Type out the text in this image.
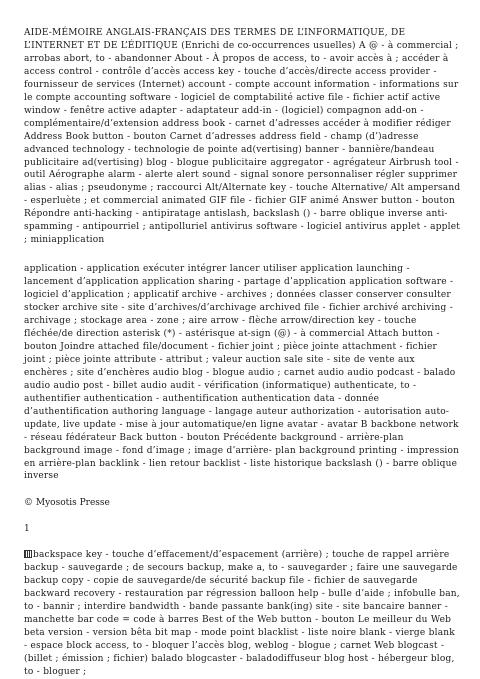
AIDE-MÉMOIRE ANGLAIS-FRANÇAIS DES TERMES DE L’INFORMATIQUE, DE L’INTERNET ET DE L’ÉDITIQUE (Enrichi de co-occurrences usuelles) A @ - à commercial ; arrobas abort, to - abandonner About - À propos de access, to - avoir accès à ; accéder à access control - contrôle d’accès access key - touche d’accès/directe access provider - fournisseur de services (Internet) account - compte account information - informations sur le compte accounting software - logiciel de comptabilité active file - fichier actif active window - fenêtre active adapter - adaptateur add-in - (logiciel) compagnon add-on - complémentaire/d’extension address book - carnet d’adresses accéder à modifier rédiger Address Book button - bouton Carnet d’adresses address field - champ (d’)adresse advanced technology - technologie de pointe ad(vertising) banner - bannière/bandeau publicitaire ad(vertising) blog - blogue publicitaire aggregator - agrégateur Airbrush tool - outil Aérographe alarm - alerte alert sound - signal sonore personnaliser régler supprimer alias - alias ; pseudonyme ; raccourci Alt/Alternate key - touche Alternative/ Alt ampersand - esperluète ; et commercial animated GIF file - fichier GIF animé Answer button - bouton Répondre anti-hacking - antipiratage antislash, backslash () - barre oblique inverse anti-spamming - antipourriel ; antipolluriel antivirus software - logiciel antivirus applet - applet ; miniapplication

application - application exécuter intégrer lancer utiliser application launching - lancement d’application application sharing - partage d’application application software - logiciel d’application ; applicatif archive - archives ; données classer conserver consulter stocker archive site - site d’archives/d’archivage archived file - fichier archivé archiving - archivage ; stockage area - zone ; aire arrow - flèche arrow/direction key - touche fléchée/de direction asterisk (*) - astérisque at-sign (@) - à commercial Attach button - bouton Joindre attached file/document - fichier joint ; pièce jointe attachment - fichier joint ; pièce jointe attribute - attribut ; valeur auction sale site - site de vente aux enchères ; site d’enchères audio blog - blogue audio ; carnet audio audio podcast - balado audio audio post - billet audio audit - vérification (informatique) authenticate, to - authentifier authentication - authentification authentication data - donnée d’authentification authoring language - langage auteur authorization - autorisation auto-update, live update - mise à jour automatique/en ligne avatar - avatar B backbone network - réseau fédérateur Back button - bouton Précédente background - arrière-plan background image - fond d’image ; image d’arrière- plan background printing - impression en arrière-plan backlink - lien retour backlist - liste historique backslash () - barre oblique inverse

© Myosotis Presse

1

backspace key - touche d’effacement/d’espacement (arrière) ; touche de rappel arrière backup - sauvegarde ; de secours backup, make a, to - sauvegarder ; faire une sauvegarde backup copy - copie de sauvegarde/de sécurité backup file - fichier de sauvegarde backward recovery - restauration par régression balloon help - bulle d’aide ; infobulle ban, to - bannir ; interdire bandwidth - bande passante bank(ing) site - site bancaire banner - manchette bar code = code à barres Best of the Web button - bouton Le meilleur du Web beta version - version bêta bit map - mode point blacklist - liste noire blank - vierge blank - espace block access, to - bloquer l’accès blog, weblog - blogue ; carnet Web blogcast - (billet ; émission ; fichier) balado blogcaster - baladodiffuseur blog host - hébergeur blog, to - bloguer ;
